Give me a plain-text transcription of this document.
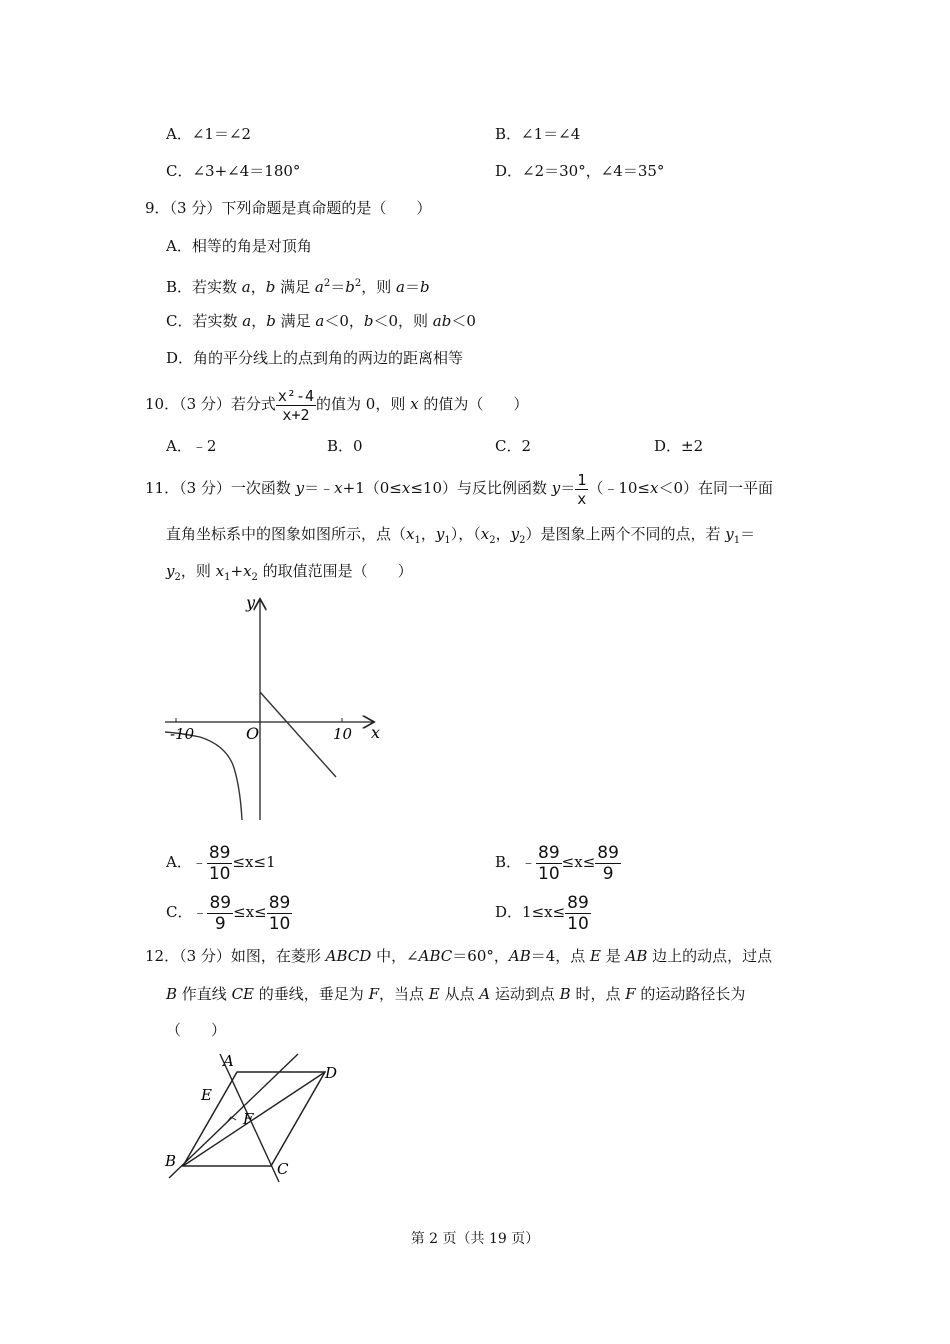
A．∠1＝∠2	B．∠1＝∠4
C．∠3+∠4＝180°	D．∠2＝30°，∠4＝35°
9．（3 分）下列命题是真命题的是（　　）
A．相等的角是对顶角
B．若实数 a，b 满足 $a^2=b^2$，则 a＝b
C．若实数 a，b 满足 a＜0，b＜0，则 ab＜0
D．角的平分线上的点到角的两边的距离相等
10．（3 分）若分式 $\frac{\text{x²-4}}{x+2}$ 的值为 0，则 x 的值为（　　）
A．﹣2	B．0	C．2	D．±2
11．（3 分）一次函数 y＝﹣x+1（0≤x≤10）与反比例函数 $y= \frac{1}{x}$ （﹣10≤x＜0）在同一平面
直角坐标系中的图象如图所示，点（$x_1$，$y_1$），（$x_2$，$y_2$）是图象上两个不同的点，若 $y_1=$
$y_2$，则 $x_1+x_2$ 的取值范围是（　　）
y
x
O
-10	10
A．﹣ $\frac{89}{10} \le x\le 1$	B．﹣ $\frac{89}{10} \le x\le \frac{89}{9}$
C．﹣ $\frac{89}{9} \le x\le \frac{89}{10}$	D．$1\le x\le \frac{89}{10}$
12．（3 分）如图，在菱形 ABCD 中，∠ABC＝60°，AB＝4，点 E 是 AB 边上的动点，过点
B 作直线 CE 的垂线，垂足为 F，当点 E 从点 A 运动到点 B 时，点 F 的运动路径长为
（　　）
A
D
E
F
B	C
第 2 页（共 19 页）
